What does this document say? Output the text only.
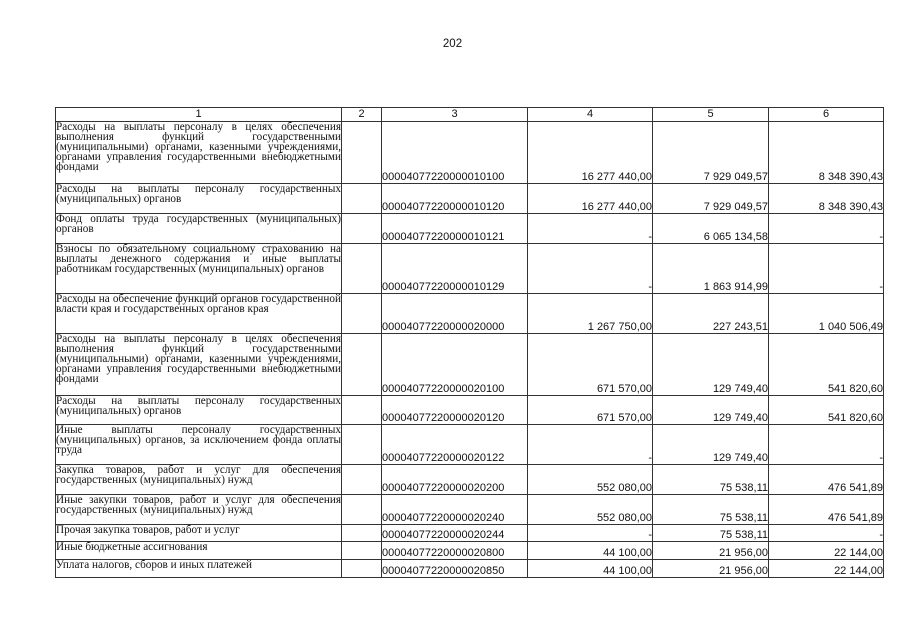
202
1	2	3	4	5	6
Расходы на выплаты персоналу в целях обеспечения выполнения функций государственными (муниципальными) органами, казенными учреждениями, органами управления государственными внебюджетными фондами		00004077220000010100	16 277 440,00	7 929 049,57	8 348 390,43
Расходы на выплаты персоналу государственных (муниципальных) органов		00004077220000010120	16 277 440,00	7 929 049,57	8 348 390,43
Фонд оплаты труда государственных (муниципальных) органов		00004077220000010121	-	6 065 134,58	-
Взносы по обязательному социальному страхованию на выплаты денежного содержания и иные выплаты работникам государственных (муниципальных) органов		00004077220000010129	-	1 863 914,99	-
Расходы на обеспечение функций органов государственной власти края и государственных органов края		00004077220000020000	1 267 750,00	227 243,51	1 040 506,49
Расходы на выплаты персоналу в целях обеспечения выполнения функций государственными (муниципальными) органами, казенными учреждениями, органами управления государственными внебюджетными фондами		00004077220000020100	671 570,00	129 749,40	541 820,60
Расходы на выплаты персоналу государственных (муниципальных) органов		00004077220000020120	671 570,00	129 749,40	541 820,60
Иные выплаты персоналу государственных (муниципальных) органов, за исключением фонда оплаты труда		00004077220000020122	-	129 749,40	-
Закупка товаров, работ и услуг для обеспечения государственных (муниципальных) нужд		00004077220000020200	552 080,00	75 538,11	476 541,89
Иные закупки товаров, работ и услуг для обеспечения государственных (муниципальных) нужд		00004077220000020240	552 080,00	75 538,11	476 541,89
Прочая закупка товаров, работ и услуг		00004077220000020244	-	75 538,11	-
Иные бюджетные ассигнования		00004077220000020800	44 100,00	21 956,00	22 144,00
Уплата налогов, сборов и иных платежей		00004077220000020850	44 100,00	21 956,00	22 144,00
